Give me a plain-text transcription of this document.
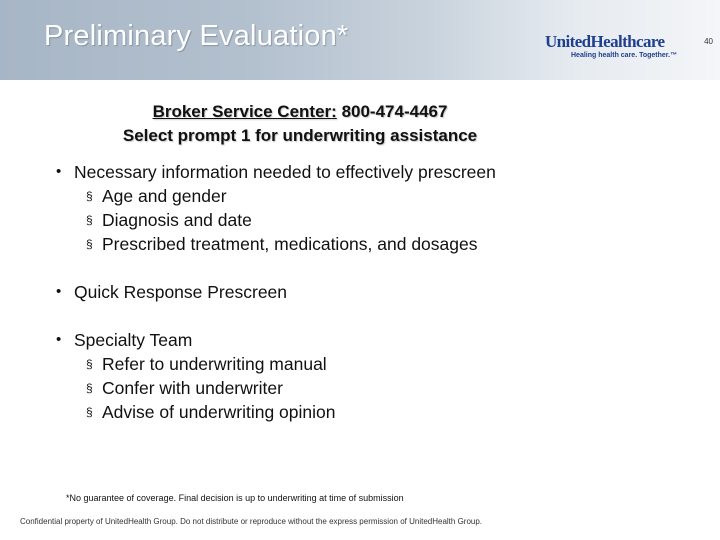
Preliminary Evaluation*	UnitedHealthcare
Healing health care. Together.™
40
Broker Service Center: 800-474-4467
Select prompt 1 for underwriting assistance
• Necessary information needed to effectively prescreen
§ Age and gender
§ Diagnosis and date
§ Prescribed treatment, medications, and dosages
• Quick Response Prescreen
• Specialty Team
§ Refer to underwriting manual
§ Confer with underwriter
§ Advise of underwriting opinion
*No guarantee of coverage. Final decision is up to underwriting at time of submission
Confidential property of UnitedHealth Group. Do not distribute or reproduce without the express permission of UnitedHealth Group.
